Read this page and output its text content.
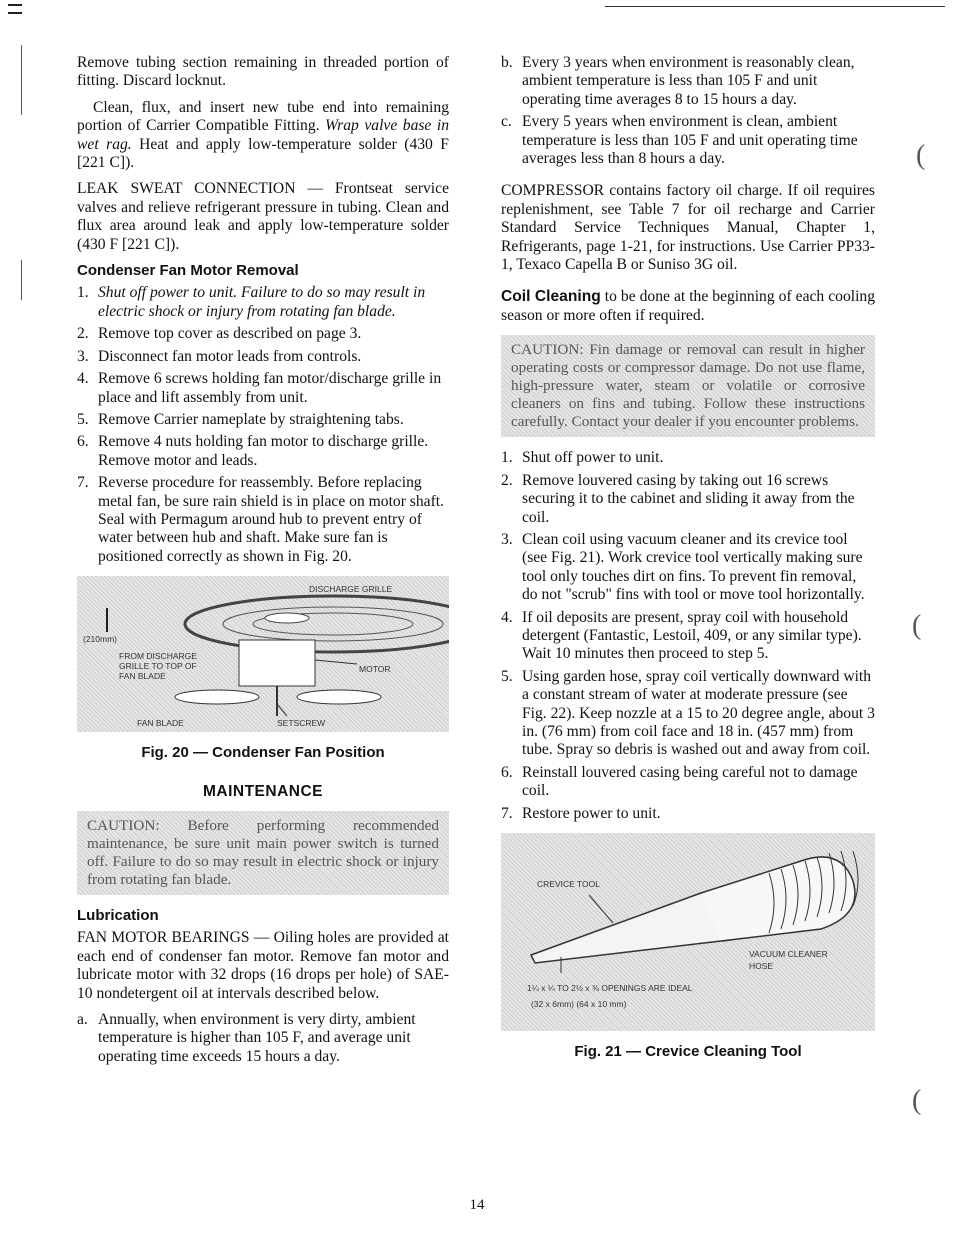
(
(
(

Remove tubing section remaining in threaded portion of fitting. Discard locknut.

Clean, flux, and insert new tube end into remaining portion of Carrier Compatible Fitting. Wrap valve base in wet rag. Heat and apply low-temperature solder (430 F [221 C]).

LEAK SWEAT CONNECTION — Frontseat service valves and relieve refrigerant pressure in tubing. Clean and flux area around leak and apply low-temperature solder (430 F [221 C]).

Condenser Fan Motor Removal
1. Shut off power to unit. Failure to do so may result in electric shock or injury from rotating fan blade.
2. Remove top cover as described on page 3.
3. Disconnect fan motor leads from controls.
4. Remove 6 screws holding fan motor/discharge grille in place and lift assembly from unit.
5. Remove Carrier nameplate by straightening tabs.
6. Remove 4 nuts holding fan motor to discharge grille. Remove motor and leads.
7. Reverse procedure for reassembly. Before replacing metal fan, be sure rain shield is in place on motor shaft. Seal with Permagum around hub to prevent entry of water between hub and shaft. Make sure fan is positioned correctly as shown in Fig. 20.
DISCHARGE GRILLE
(210mm)
FROM DISCHARGE
GRILLE TO TOP OF
FAN BLADE
MOTOR
FAN BLADE	SETSCREW
Fig. 20 — Condenser Fan Position
MAINTENANCE
CAUTION: Before performing recommended maintenance, be sure unit main power switch is turned off. Failure to do so may result in electric shock or injury from rotating fan blade.
Lubrication

FAN MOTOR BEARINGS — Oiling holes are provided at each end of condenser fan motor. Remove fan motor and lubricate motor with 32 drops (16 drops per hole) of SAE-10 nondetergent oil at intervals described below.

a. Annually, when environment is very dirty, ambient temperature is higher than 105 F, and average unit operating time exceeds 15 hours a day.
b. Every 3 years when environment is reasonably clean, ambient temperature is less than 105 F and unit operating time averages 8 to 15 hours a day.
c. Every 5 years when environment is clean, ambient temperature is less than 105 F and unit operating time averages less than 8 hours a day.

COMPRESSOR contains factory oil charge. If oil requires replenishment, see Table 7 for oil recharge and Carrier Standard Service Techniques Manual, Chapter 1, Refrigerants, page 1-21, for instructions. Use Carrier PP33-1, Texaco Capella B or Suniso 3G oil.

Coil Cleaning to be done at the beginning of each cooling season or more often if required.

CAUTION: Fin damage or removal can result in higher operating costs or compressor damage. Do not use flame, high-pressure water, steam or volatile or corrosive cleaners on fins and tubing. Follow these instructions carefully. Contact your dealer if you encounter problems.
1. Shut off power to unit.
2. Remove louvered casing by taking out 16 screws securing it to the cabinet and sliding it away from the coil.
3. Clean coil using vacuum cleaner and its crevice tool (see Fig. 21). Work crevice tool vertically making sure tool only touches dirt on fins. To prevent fin removal, do not "scrub" fins with tool or move tool horizontally.
4. If oil deposits are present, spray coil with household detergent (Fantastic, Lestoil, 409, or any similar type). Wait 10 minutes then proceed to step 5.
5. Using garden hose, spray coil vertically downward with a constant stream of water at moderate pressure (see Fig. 22). Keep nozzle at a 15 to 20 degree angle, about 3 in. (76 mm) from coil face and 18 in. (457 mm) from tube. Spray so debris is washed out and away from coil.
6. Reinstall louvered casing being careful not to damage coil.
7. Restore power to unit.
CREVICE TOOL
VACUUM CLEANER
HOSE
1¼ x ¼ TO 2½ x ⅜ OPENINGS ARE IDEAL
(32 x 6mm) (64 x 10 mm)
Fig. 21 — Crevice Cleaning Tool
14
